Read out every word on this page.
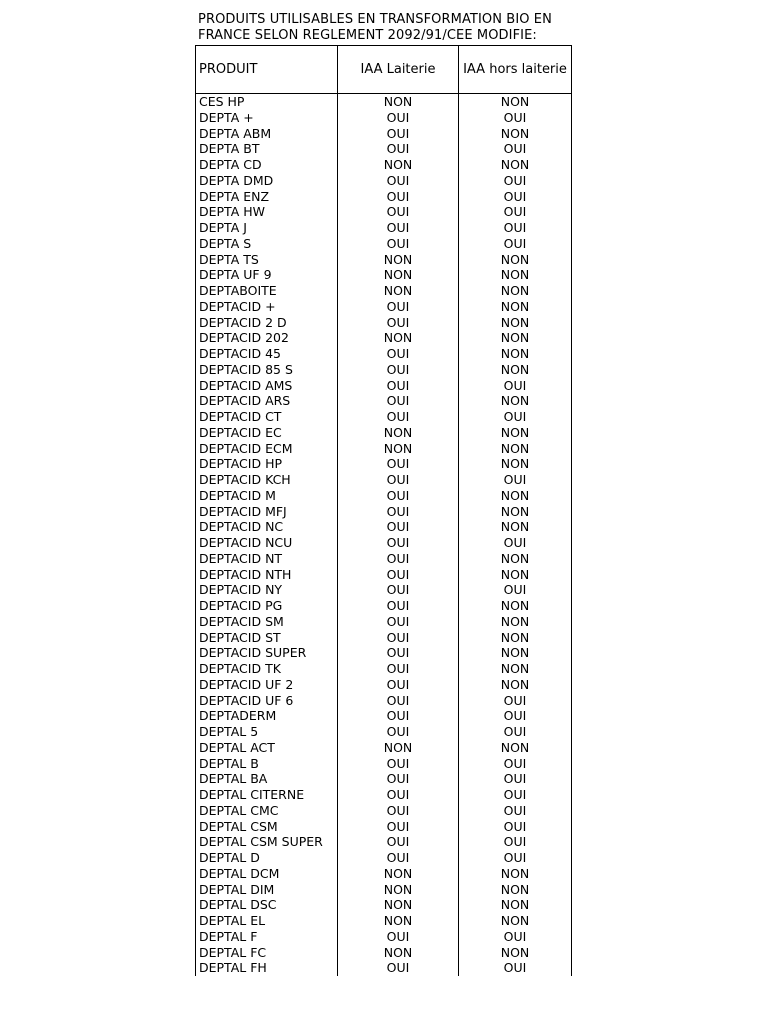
PRODUITS UTILISABLES EN TRANSFORMATION BIO EN
FRANCE SELON REGLEMENT 2092/91/CEE MODIFIE:
PRODUIT	IAA Laiterie	IAA hors laiterie
CES HP	NON	NON
DEPTA +	OUI	OUI
DEPTA ABM	OUI	NON
DEPTA BT	OUI	OUI
DEPTA CD	NON	NON
DEPTA DMD	OUI	OUI
DEPTA ENZ	OUI	OUI
DEPTA HW	OUI	OUI
DEPTA J	OUI	OUI
DEPTA S	OUI	OUI
DEPTA TS	NON	NON
DEPTA UF 9	NON	NON
DEPTABOITE	NON	NON
DEPTACID +	OUI	NON
DEPTACID 2 D	OUI	NON
DEPTACID 202	NON	NON
DEPTACID 45	OUI	NON
DEPTACID 85 S	OUI	NON
DEPTACID AMS	OUI	OUI
DEPTACID ARS	OUI	NON
DEPTACID CT	OUI	OUI
DEPTACID EC	NON	NON
DEPTACID ECM	NON	NON
DEPTACID HP	OUI	NON
DEPTACID KCH	OUI	OUI
DEPTACID M	OUI	NON
DEPTACID MFJ	OUI	NON
DEPTACID NC	OUI	NON
DEPTACID NCU	OUI	OUI
DEPTACID NT	OUI	NON
DEPTACID NTH	OUI	NON
DEPTACID NY	OUI	OUI
DEPTACID PG	OUI	NON
DEPTACID SM	OUI	NON
DEPTACID ST	OUI	NON
DEPTACID SUPER	OUI	NON
DEPTACID TK	OUI	NON
DEPTACID UF 2	OUI	NON
DEPTACID UF 6	OUI	OUI
DEPTADERM	OUI	OUI
DEPTAL 5	OUI	OUI
DEPTAL ACT	NON	NON
DEPTAL B	OUI	OUI
DEPTAL BA	OUI	OUI
DEPTAL CITERNE	OUI	OUI
DEPTAL CMC	OUI	OUI
DEPTAL CSM	OUI	OUI
DEPTAL CSM SUPER	OUI	OUI
DEPTAL D	OUI	OUI
DEPTAL DCM	NON	NON
DEPTAL DIM	NON	NON
DEPTAL DSC	NON	NON
DEPTAL EL	NON	NON
DEPTAL F	OUI	OUI
DEPTAL FC	NON	NON
DEPTAL FH	OUI	OUI
